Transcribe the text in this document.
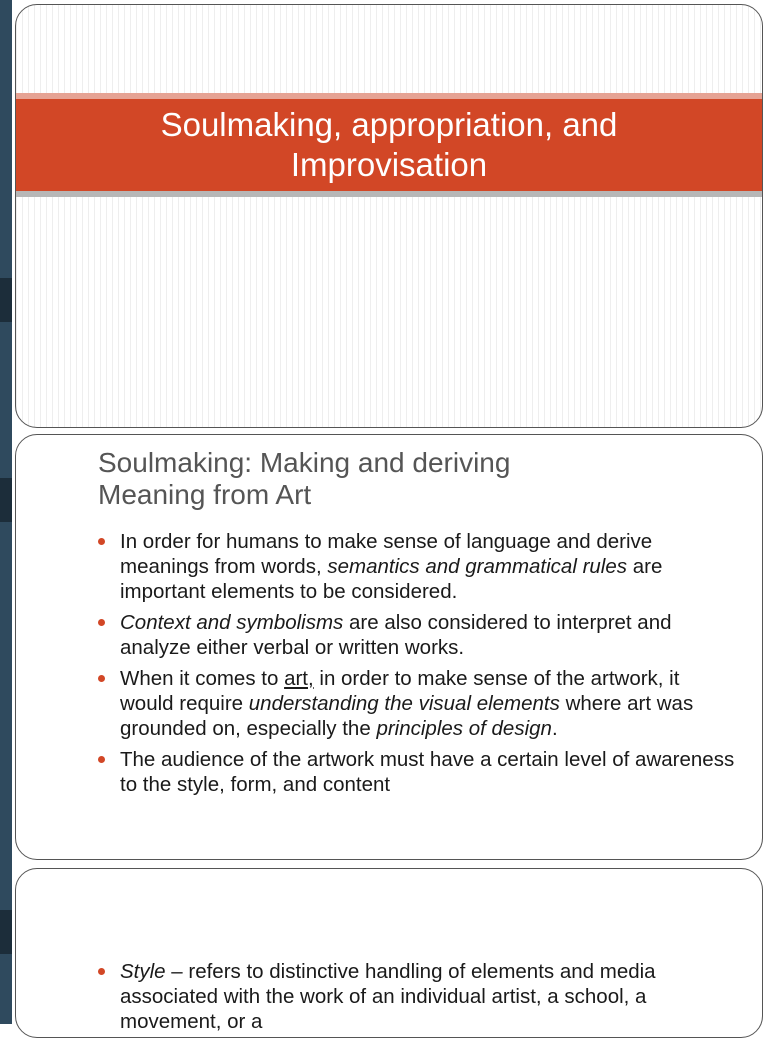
Soulmaking, appropriation, and
Improvisation
Soulmaking: Making and deriving
Meaning from Art
In order for humans to make sense of language and derive meanings from words, semantics and grammatical rules are important elements to be considered.
Context and symbolisms are also considered to interpret and analyze either verbal or written works.
When it comes to art, in order to make sense of the artwork, it would require understanding the visual elements where art was grounded on, especially the principles of design.
The audience of the artwork must have a certain level of awareness to the style, form, and content
Style – refers to distinctive handling of elements and media associated with the work of an individual artist, a school, a movement, or a
